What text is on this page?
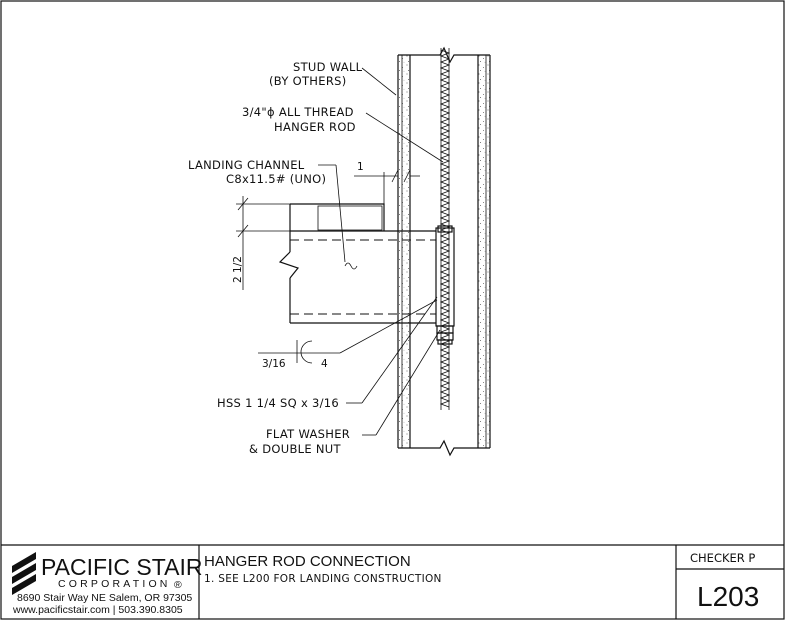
1
2 1/2
3/16	4
STUD WALL
(BY OTHERS)
3/4"ϕ ALL THREAD
HANGER ROD
LANDING CHANNEL
C8x11.5# (UNO)
HSS 1 1/4 SQ x 3/16
FLAT WASHER
& DOUBLE NUT
PACIFIC STAIR
CORPORATION ®
8690 Stair Way NE Salem, OR 97305
www.pacificstair.com | 503.390.8305
HANGER ROD CONNECTION
1. SEE L200 FOR LANDING CONSTRUCTION
CHECKER P
L203
